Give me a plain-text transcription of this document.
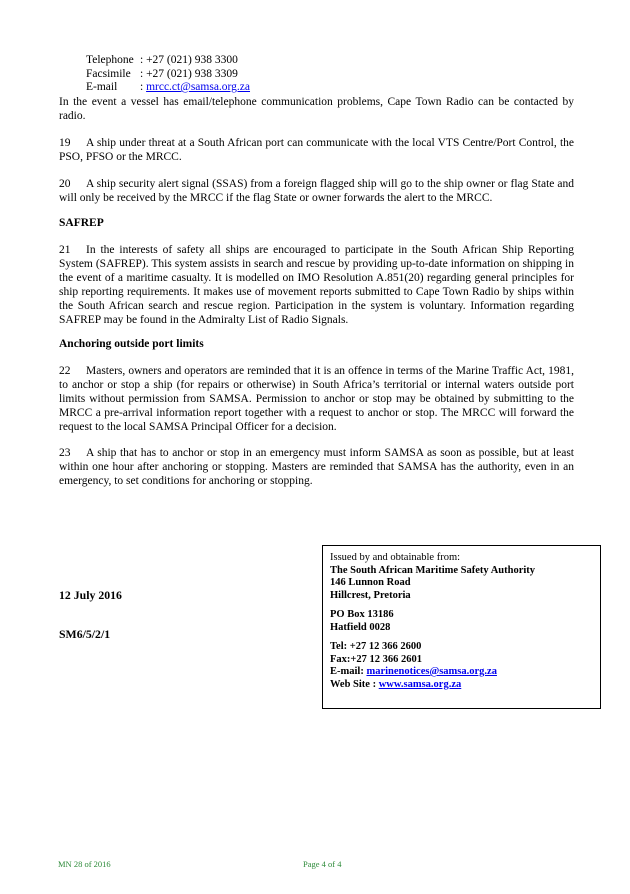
Telephone : +27 (021) 938 3300
Facsimile : +27 (021) 938 3309
E-mail : mrcc.ct@samsa.org.za
In the event a vessel has email/telephone communication problems, Cape Town Radio can be contacted by radio.
19 A ship under threat at a South African port can communicate with the local VTS Centre/Port Control, the PSO, PFSO or the MRCC.
20 A ship security alert signal (SSAS) from a foreign flagged ship will go to the ship owner or flag State and will only be received by the MRCC if the flag State or owner forwards the alert to the MRCC.
SAFREP
21 In the interests of safety all ships are encouraged to participate in the South African Ship Reporting System (SAFREP). This system assists in search and rescue by providing up-to-date information on shipping in the event of a maritime casualty. It is modelled on IMO Resolution A.851(20) regarding general principles for ship reporting requirements. It makes use of movement reports submitted to Cape Town Radio by ships within the South African search and rescue region. Participation in the system is voluntary. Information regarding SAFREP may be found in the Admiralty List of Radio Signals.
Anchoring outside port limits
22 Masters, owners and operators are reminded that it is an offence in terms of the Marine Traffic Act, 1981, to anchor or stop a ship (for repairs or otherwise) in South Africa’s territorial or internal waters outside port limits without permission from SAMSA. Permission to anchor or stop may be obtained by submitting to the MRCC a pre-arrival information report together with a request to anchor or stop. The MRCC will forward the request to the local SAMSA Principal Officer for a decision.
23 A ship that has to anchor or stop in an emergency must inform SAMSA as soon as possible, but at least within one hour after anchoring or stopping. Masters are reminded that SAMSA has the authority, even in an emergency, to set conditions for anchoring or stopping.
12 July 2016
SM6/5/2/1
Issued by and obtainable from:
The South African Maritime Safety Authority
146 Lunnon Road
Hillcrest, Pretoria
PO Box 13186
Hatfield 0028
Tel: +27 12 366 2600
Fax:+27 12 366 2601
E-mail: marinenotices@samsa.org.za
Web Site : www.samsa.org.za
MN 28 of 2016	Page 4 of 4
